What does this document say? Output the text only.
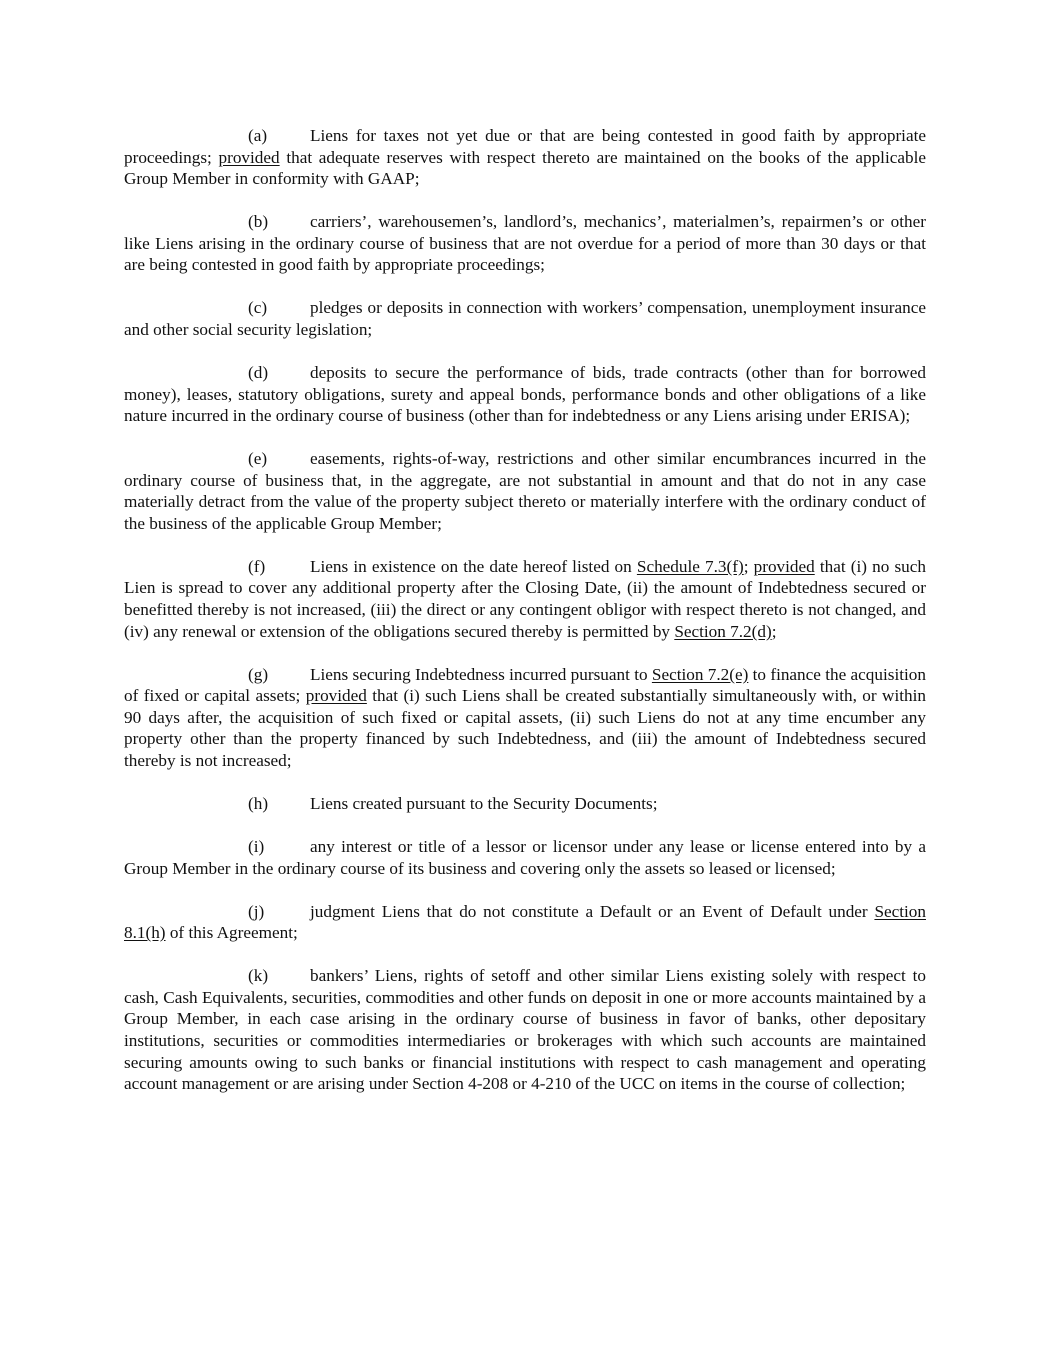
(a) Liens for taxes not yet due or that are being contested in good faith by appropriate proceedings; provided that adequate reserves with respect thereto are maintained on the books of the applicable Group Member in conformity with GAAP;

(b) carriers’, warehousemen’s, landlord’s, mechanics’, materialmen’s, repairmen’s or other like Liens arising in the ordinary course of business that are not overdue for a period of more than 30 days or that are being contested in good faith by appropriate proceedings;

(c) pledges or deposits in connection with workers’ compensation, unemployment insurance and other social security legislation;

(d) deposits to secure the performance of bids, trade contracts (other than for borrowed money), leases, statutory obligations, surety and appeal bonds, performance bonds and other obligations of a like nature incurred in the ordinary course of business (other than for indebtedness or any Liens arising under ERISA);

(e) easements, rights-of-way, restrictions and other similar encumbrances incurred in the ordinary course of business that, in the aggregate, are not substantial in amount and that do not in any case materially detract from the value of the property subject thereto or materially interfere with the ordinary conduct of the business of the applicable Group Member;

(f)	Liens in existence on the date hereof listed on Schedule 7.3(f); provided that (i) no such Lien is spread to cover any additional property after the Closing Date, (ii) the amount of Indebtedness secured or benefitted thereby is not increased, (iii) the direct or any contingent obligor with respect thereto is not changed, and (iv) any renewal or extension of the obligations secured thereby is permitted by Section 7.2(d);

(g) Liens securing Indebtedness incurred pursuant to Section 7.2(e) to finance the acquisition of fixed or capital assets; provided that (i) such Liens shall be created substantially simultaneously with, or within 90 days after, the acquisition of such fixed or capital assets, (ii) such Liens do not at any time encumber any property other than the property financed by such Indebtedness, and (iii) the amount of Indebtedness secured thereby is not increased;

(h) Liens created pursuant to the Security Documents;

(i)	any interest or title of a lessor or licensor under any lease or license entered into by a Group Member in the ordinary course of its business and covering only the assets so leased or licensed;

(j)	judgment Liens that do not constitute a Default or an Event of Default under Section 8.1(h) of this Agreement;

(k) bankers’ Liens, rights of setoff and other similar Liens existing solely with respect to cash, Cash Equivalents, securities, commodities and other funds on deposit in one or more accounts maintained by a Group Member, in each case arising in the ordinary course of business in favor of banks, other depositary institutions, securities or commodities intermediaries or brokerages with which such accounts are maintained securing amounts owing to such banks or financial institutions with respect to cash management and operating account management or are arising under Section 4-208 or 4-210 of the UCC on items in the course of collection;
